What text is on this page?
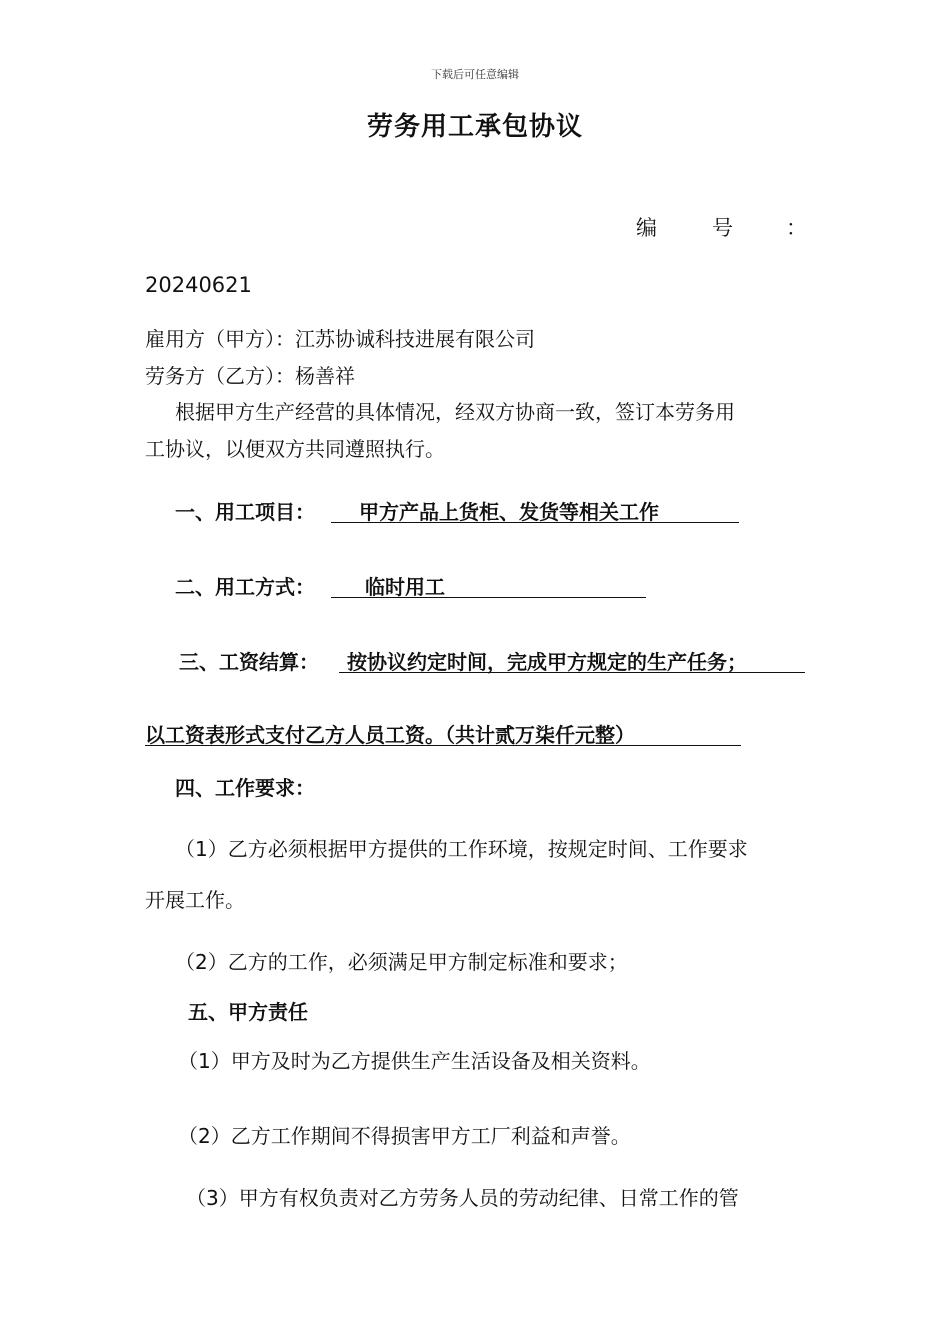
下载后可任意编辑
劳务用工承包协议
编	号	：
20240621
雇用方（甲方）：江苏协诚科技进展有限公司
劳务方（乙方）：杨善祥
根据甲方生产经营的具体情况，经双方协商一致，签订本劳务用
工协议，以便双方共同遵照执行。
一、用工项目： 甲方产品上货柜、发货等相关工作
二、用工方式：	临时用工
三、工资结算： 按协议约定时间，完成甲方规定的生产任务；
以工资表形式支付乙方人员工资。（共计贰万柒仟元整）
四、工作要求：
（1）乙方必须根据甲方提供的工作环境，按规定时间、工作要求
开展工作。
（2）乙方的工作，必须满足甲方制定标准和要求；
五、甲方责任
（1）甲方及时为乙方提供生产生活设备及相关资料。
（2）乙方工作期间不得损害甲方工厂利益和声誉。
（3）甲方有权负责对乙方劳务人员的劳动纪律、日常工作的管
